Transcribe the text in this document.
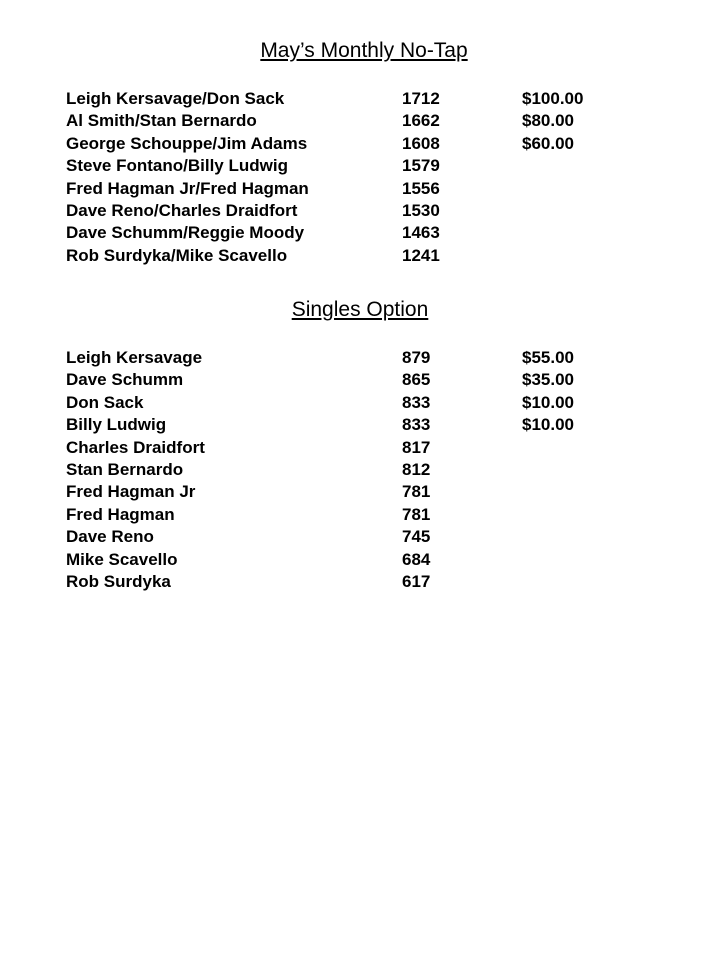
May’s Monthly No-Tap
Leigh Kersavage/Don Sack	1712	$100.00
Al Smith/Stan Bernardo	1662	$80.00
George Schouppe/Jim Adams	1608	$60.00
Steve Fontano/Billy Ludwig	1579
Fred Hagman Jr/Fred Hagman	1556
Dave Reno/Charles Draidfort	1530
Dave Schumm/Reggie Moody	1463
Rob Surdyka/Mike Scavello	1241
Singles Option
Leigh Kersavage	879	$55.00
Dave Schumm	865	$35.00
Don Sack	833	$10.00
Billy Ludwig	833	$10.00
Charles Draidfort	817
Stan Bernardo	812
Fred Hagman Jr	781
Fred Hagman	781
Dave Reno	745
Mike Scavello	684
Rob Surdyka	617
